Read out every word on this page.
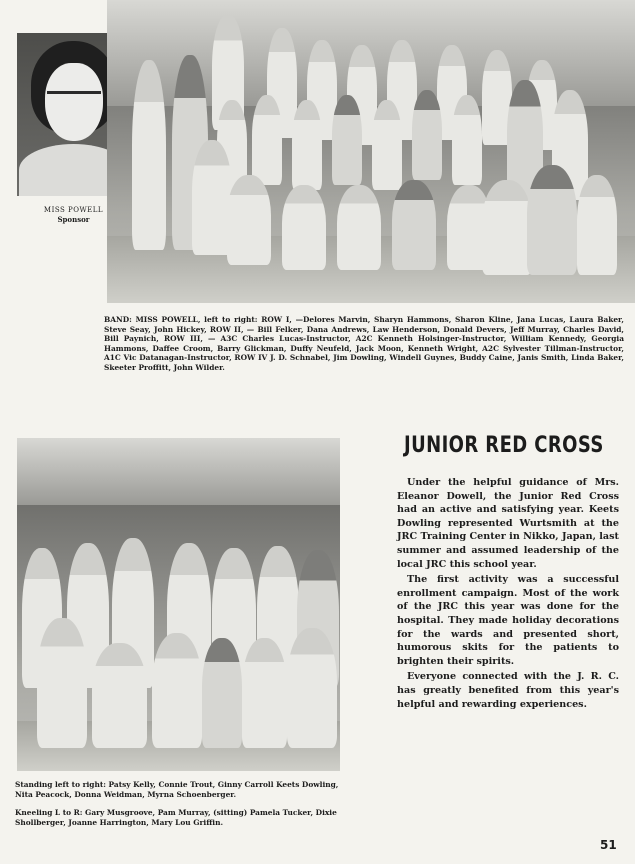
MISS POWELL
Sponsor
BAND: MISS POWELL, left to right: ROW I, —Delores Marvin, Sharyn Hammons, Sharon Kline, Jana Lucas, Laura Baker, Steve Seay, John Hickey, ROW II, — Bill Felker, Dana Andrews, Law Henderson, Donald Devers, Jeff Murray, Charles David, Bill Paynich, ROW III, — A3C Charles Lucas-Instructor, A2C Kenneth Holsinger-Instructor, William Kennedy, Georgia Hammons, Daffee Croom, Barry Glickman, Duffy Neufeld, Jack Moon, Kenneth Wright, A2C Sylvester Tillman-Instructor, A1C Vic Datanagan-Instructor, ROW IV J. D. Schnabel, Jim Dowling, Windell Guynes, Buddy Caine, Janis Smith, Linda Baker, Skeeter Proffitt, John Wilder.
JUNIOR RED CROSS

Under the helpful guidance of Mrs. Eleanor Dowell, the Junior Red Cross had an active and satisfying year. Keets Dowling represented Wurtsmith at the JRC Training Center in Nikko, Japan, last summer and assumed leadership of the local JRC this school year.

The first activity was a successful enrollment campaign. Most of the work of the JRC this year was done for the hospital. They made holiday decorations for the wards and presented short, humorous skits for the patients to brighten their spirits.

Everyone connected with the J. R. C. has greatly benefited from this year's helpful and rewarding experiences.

Standing left to right: Patsy Kelly, Connie Trout, Ginny Carroll Keets Dowling, Nita Peacock, Donna Weidman, Myrna Schoenberger.
Kneeling L to R: Gary Musgroove, Pam Murray, (sitting) Pamela Tucker, Dixie Shollberger, Joanne Harrington, Mary Lou Griffin.
51
